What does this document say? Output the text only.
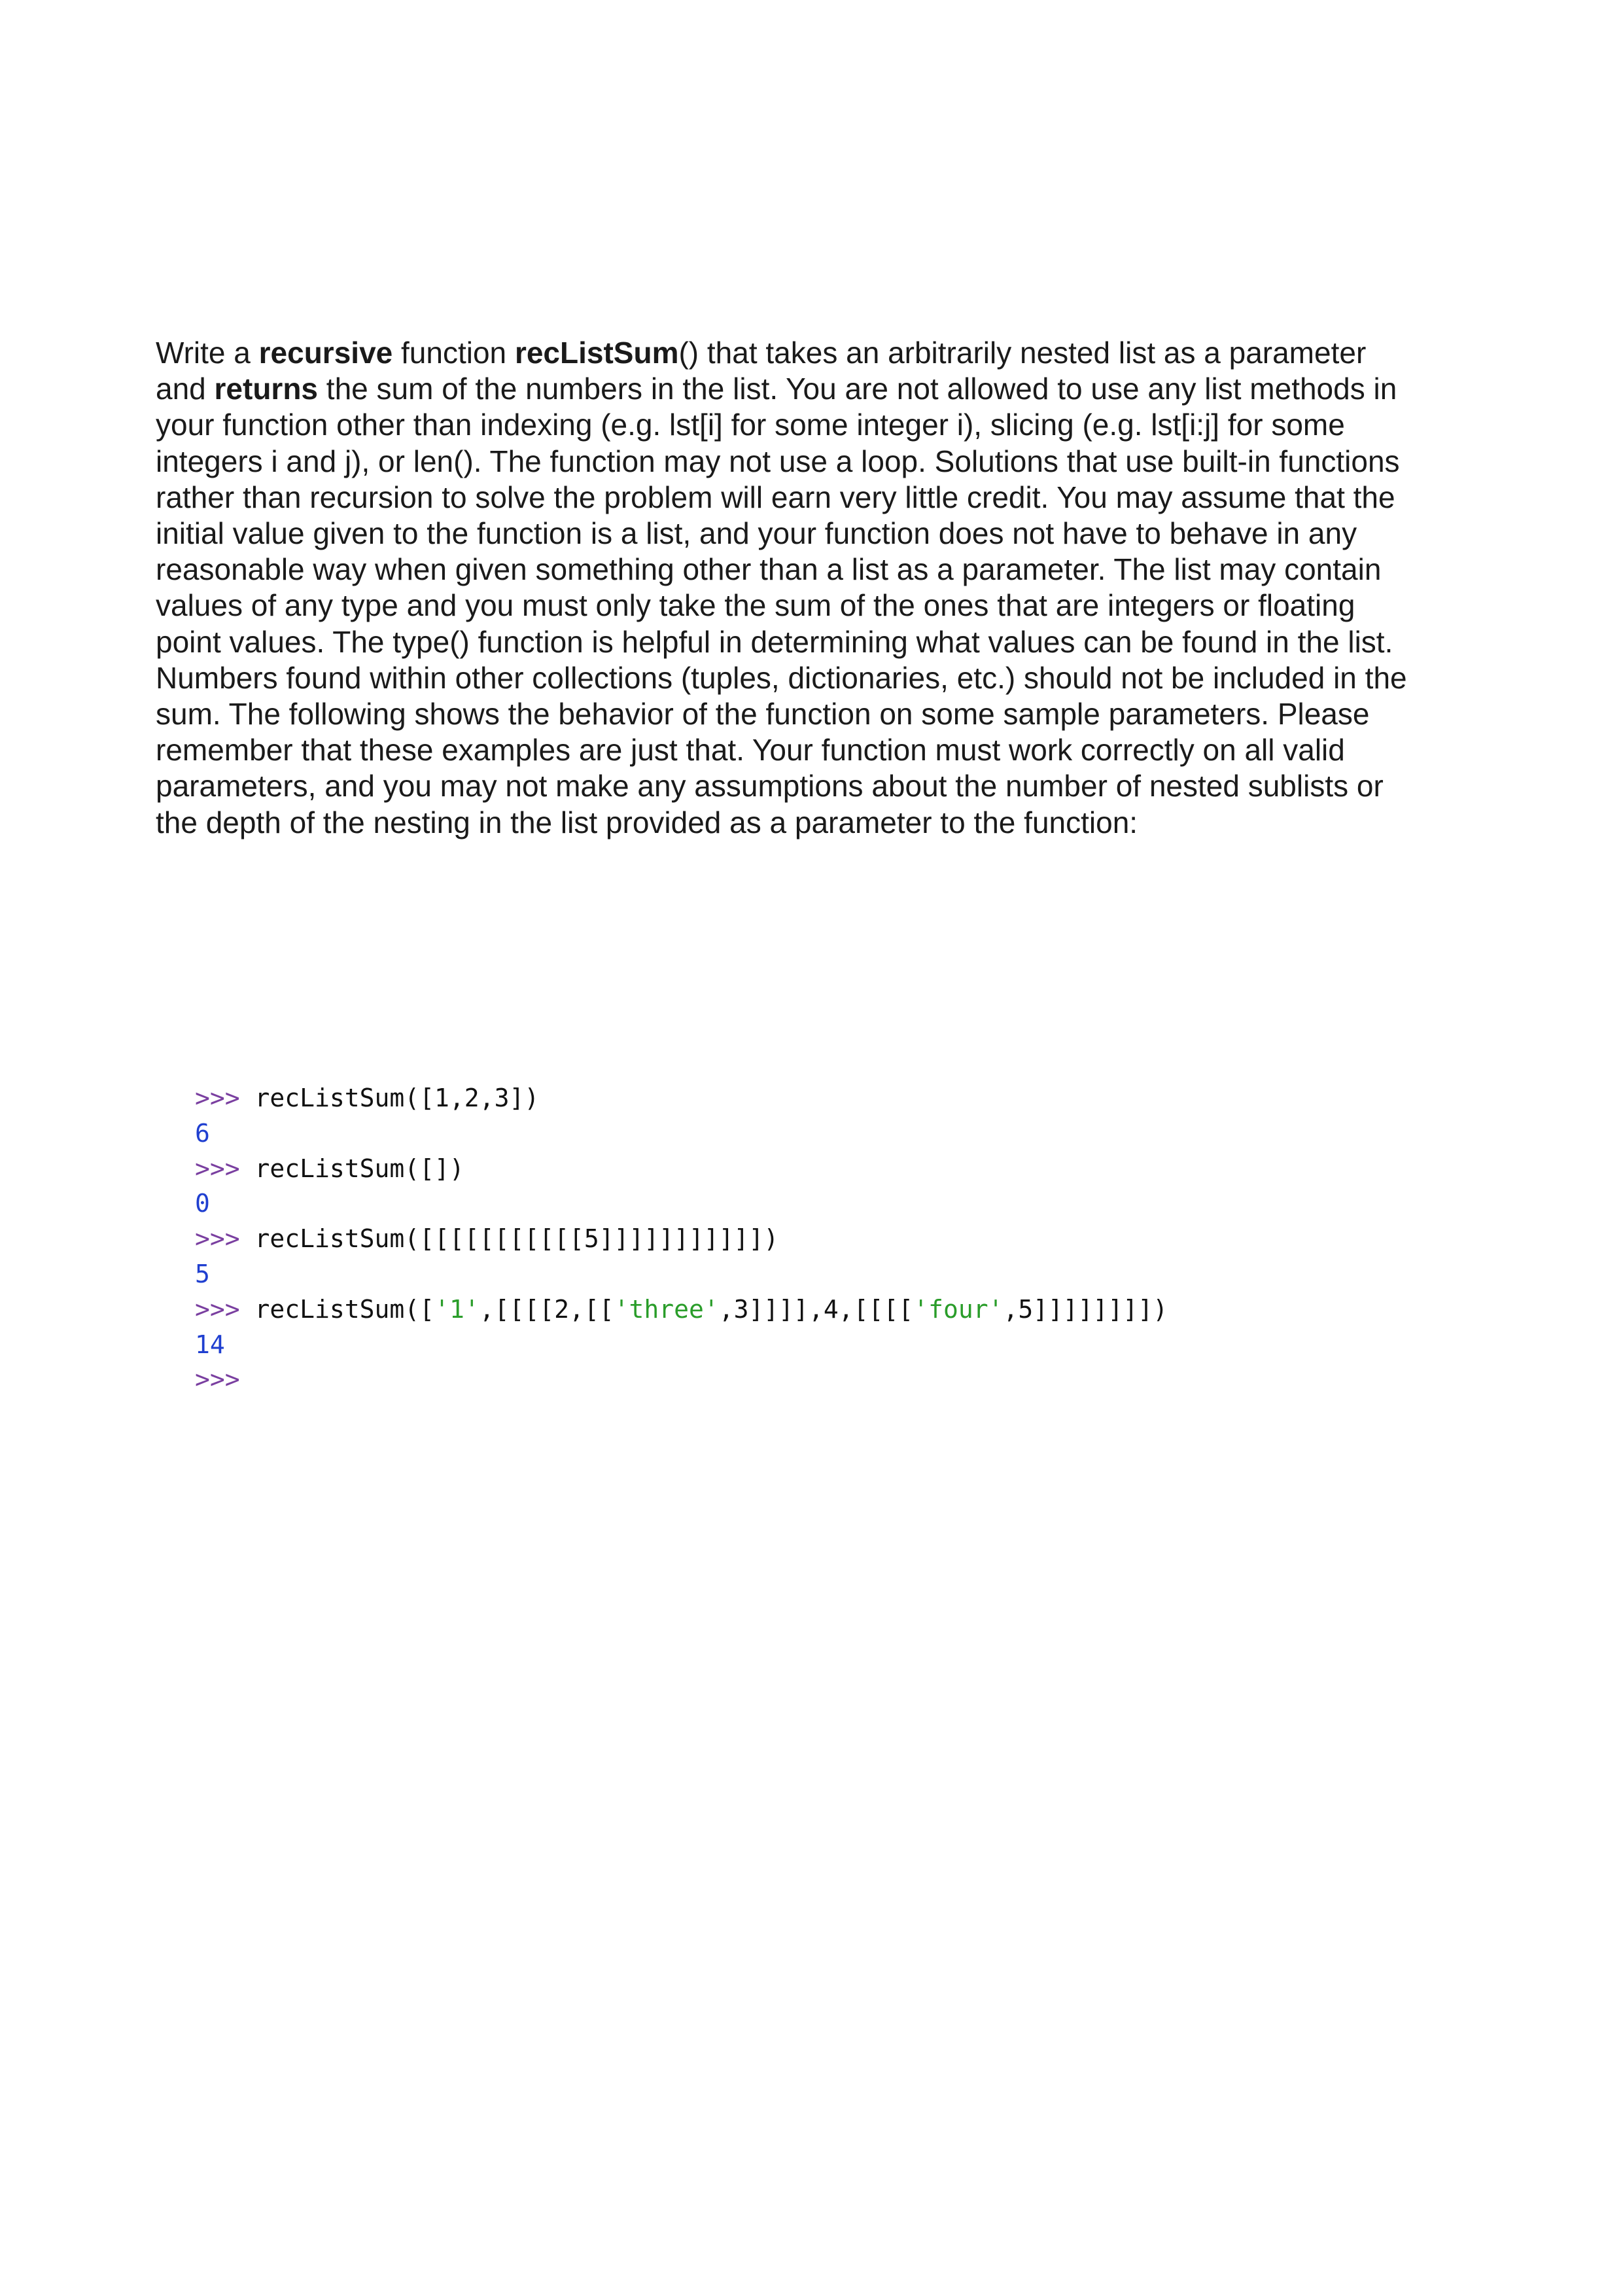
Write a recursive function recListSum() that takes an arbitrarily nested list as a parameter
and returns the sum of the numbers in the list. You are not allowed to use any list methods in
your function other than indexing (e.g. lst[i] for some integer i), slicing (e.g. lst[i:j] for some
integers i and j), or len(). The function may not use a loop. Solutions that use built-in functions
rather than recursion to solve the problem will earn very little credit. You may assume that the
initial value given to the function is a list, and your function does not have to behave in any
reasonable way when given something other than a list as a parameter. The list may contain
values of any type and you must only take the sum of the ones that are integers or floating
point values. The type() function is helpful in determining what values can be found in the list.
Numbers found within other collections (tuples, dictionaries, etc.) should not be included in the
sum. The following shows the behavior of the function on some sample parameters. Please
remember that these examples are just that. Your function must work correctly on all valid
parameters, and you may not make any assumptions about the number of nested sublists or
the depth of the nesting in the list provided as a parameter to the function:
>>> recListSum([1,2,3])
6
>>> recListSum([])
0
>>> recListSum([[[[[[[[[[[5]]]]]]]]]]])
5
>>> recListSum(['1',[[[[2,[['three',3]]]],4,[[[['four',5]]]]]]]])
14
>>>
